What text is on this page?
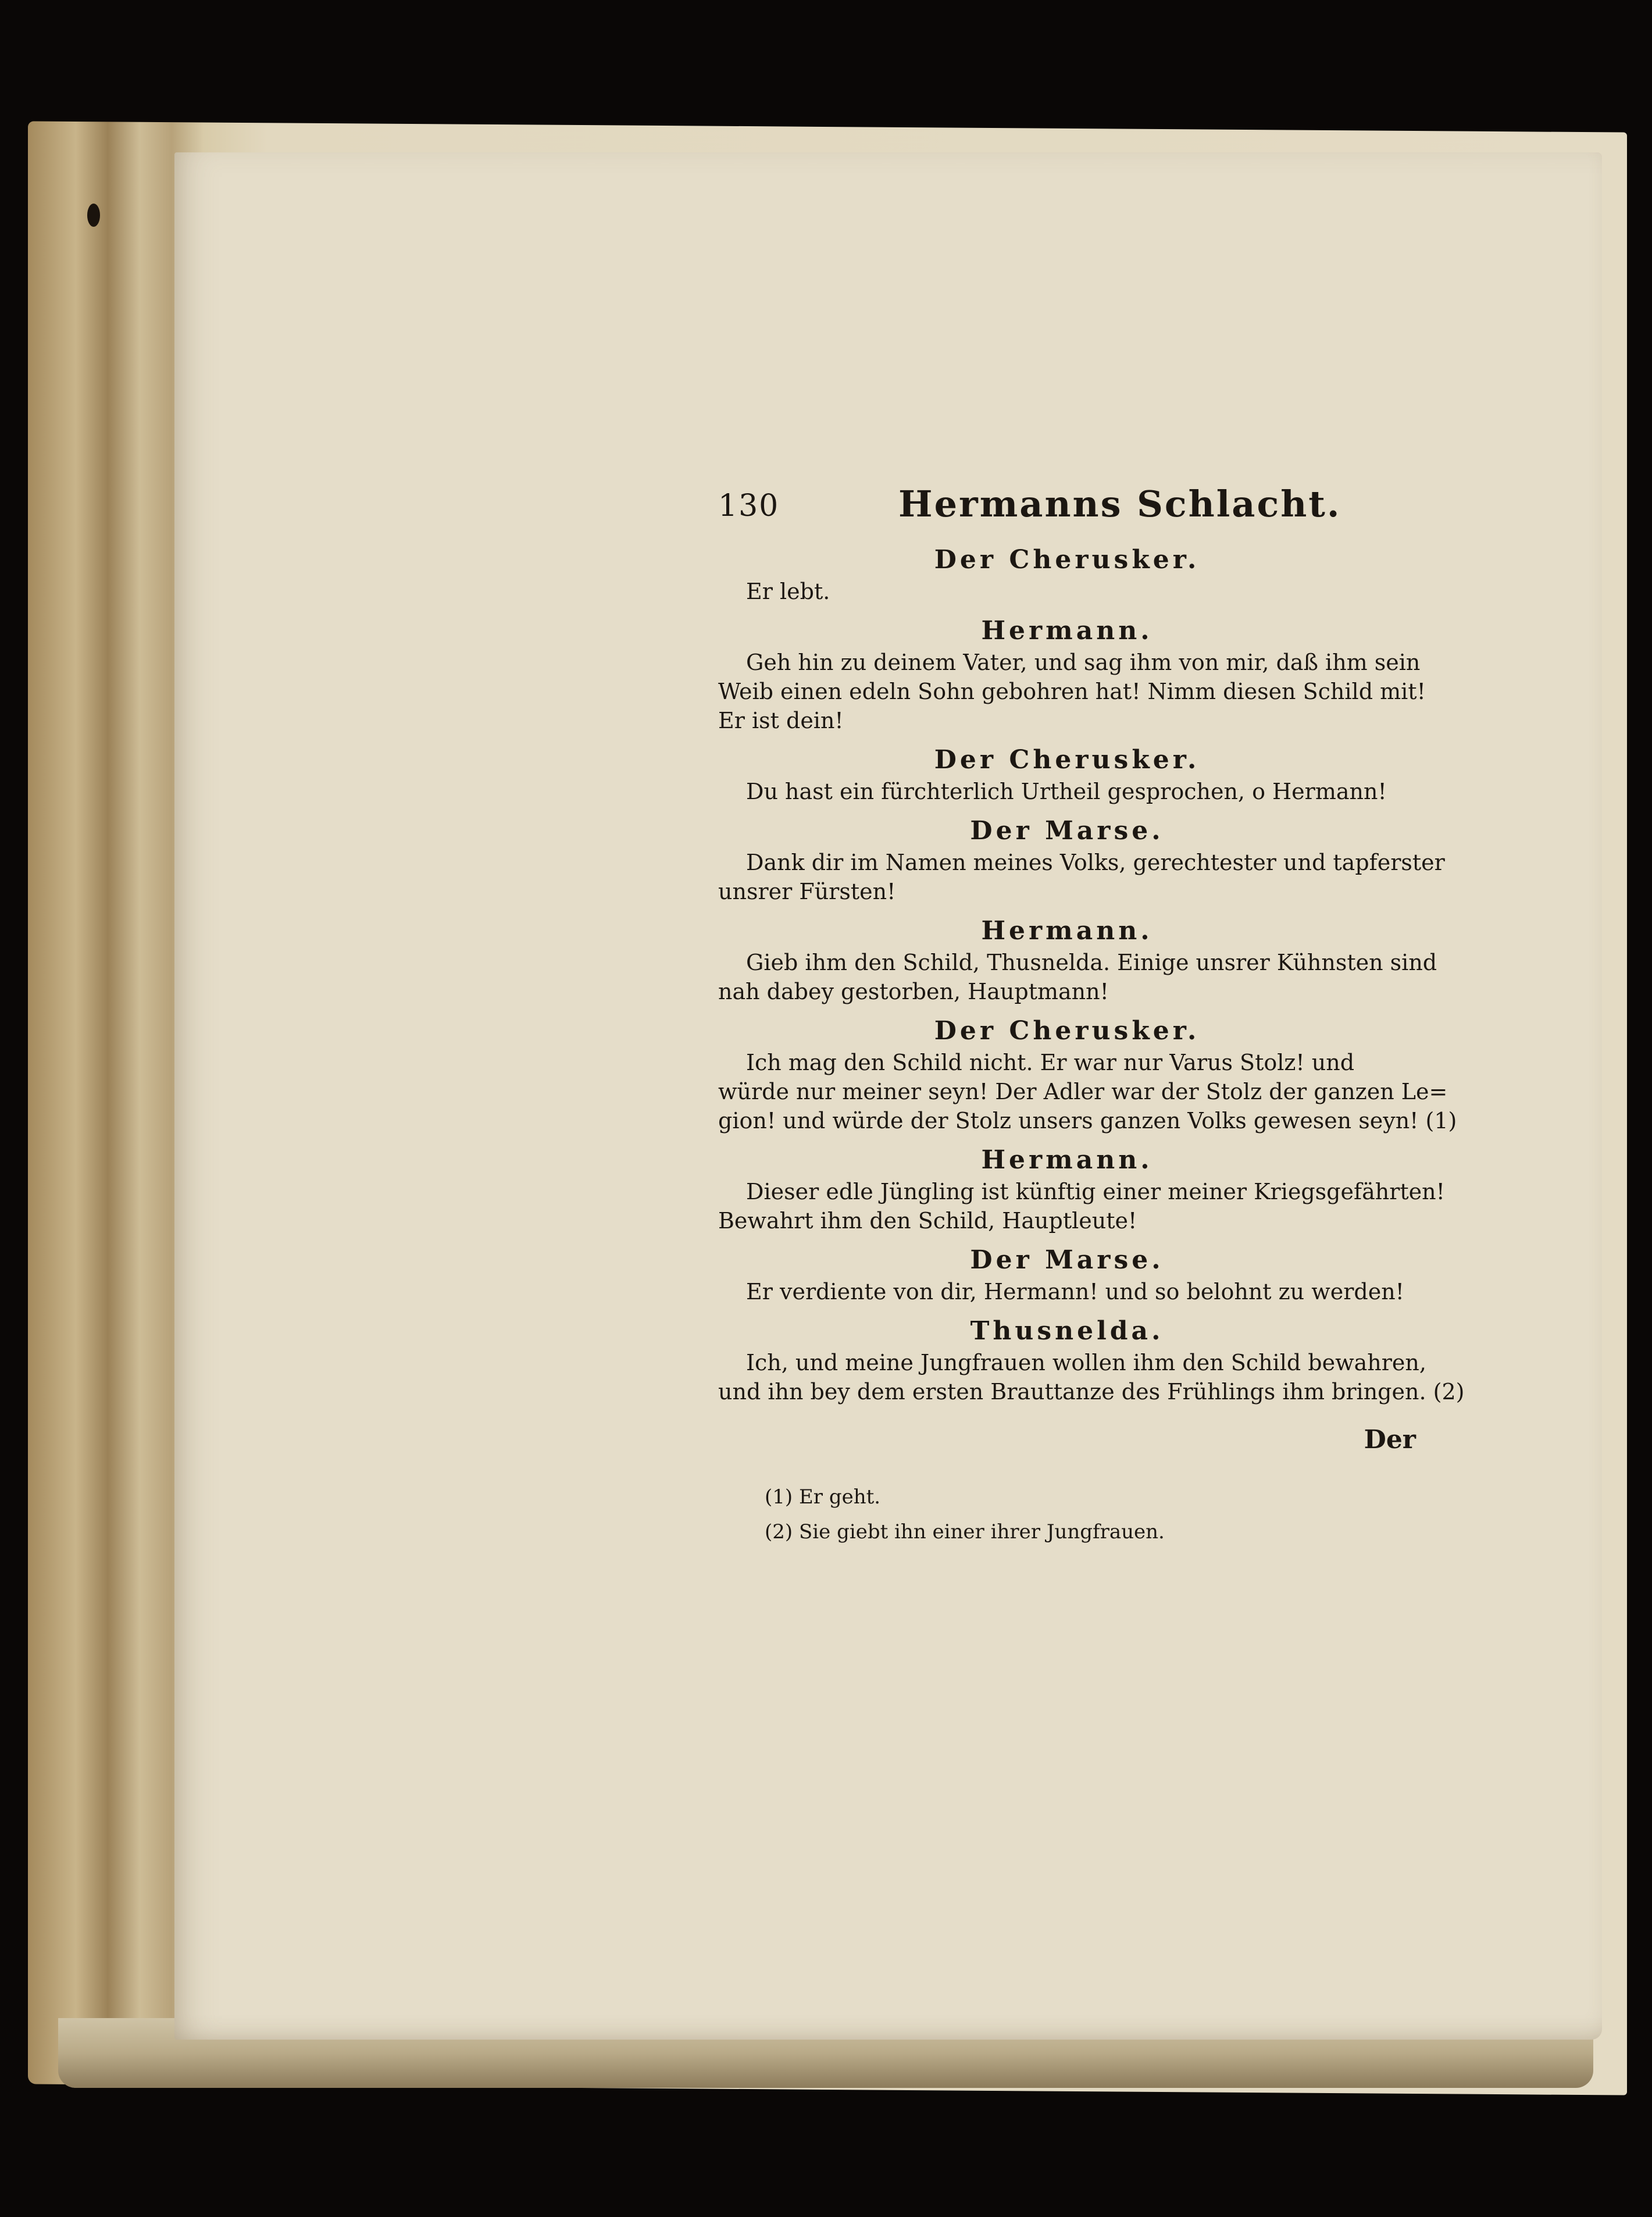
130	Hermanns Schlacht.
Der Cherusker.
Er lebt.
Hermann.
Geh hin zu deinem Vater, und sag ihm von mir, daß ihm sein
Weib einen edeln Sohn gebohren hat! Nimm diesen Schild mit!
Er ist dein!
Der Cherusker.
Du hast ein fürchterlich Urtheil gesprochen, o Hermann!
Der Marse.
Dank dir im Namen meines Volks, gerechtester und tapferster
unsrer Fürsten!
Hermann.
Gieb ihm den Schild, Thusnelda. Einige unsrer Kühnsten sind
nah dabey gestorben, Hauptmann!
Der Cherusker.
Ich mag den Schild nicht. Er war nur Varus Stolz! und
würde nur meiner seyn! Der Adler war der Stolz der ganzen Le=
gion! und würde der Stolz unsers ganzen Volks gewesen seyn! (1)
Hermann.
Dieser edle Jüngling ist künftig einer meiner Kriegsgefährten!
Bewahrt ihm den Schild, Hauptleute!
Der Marse.
Er verdiente von dir, Hermann! und so belohnt zu werden!
Thusnelda.
Ich, und meine Jungfrauen wollen ihm den Schild bewahren,
und ihn bey dem ersten Brauttanze des Frühlings ihm bringen. (2)
Der
(1) Er geht.
(2) Sie giebt ihn einer ihrer Jungfrauen.
